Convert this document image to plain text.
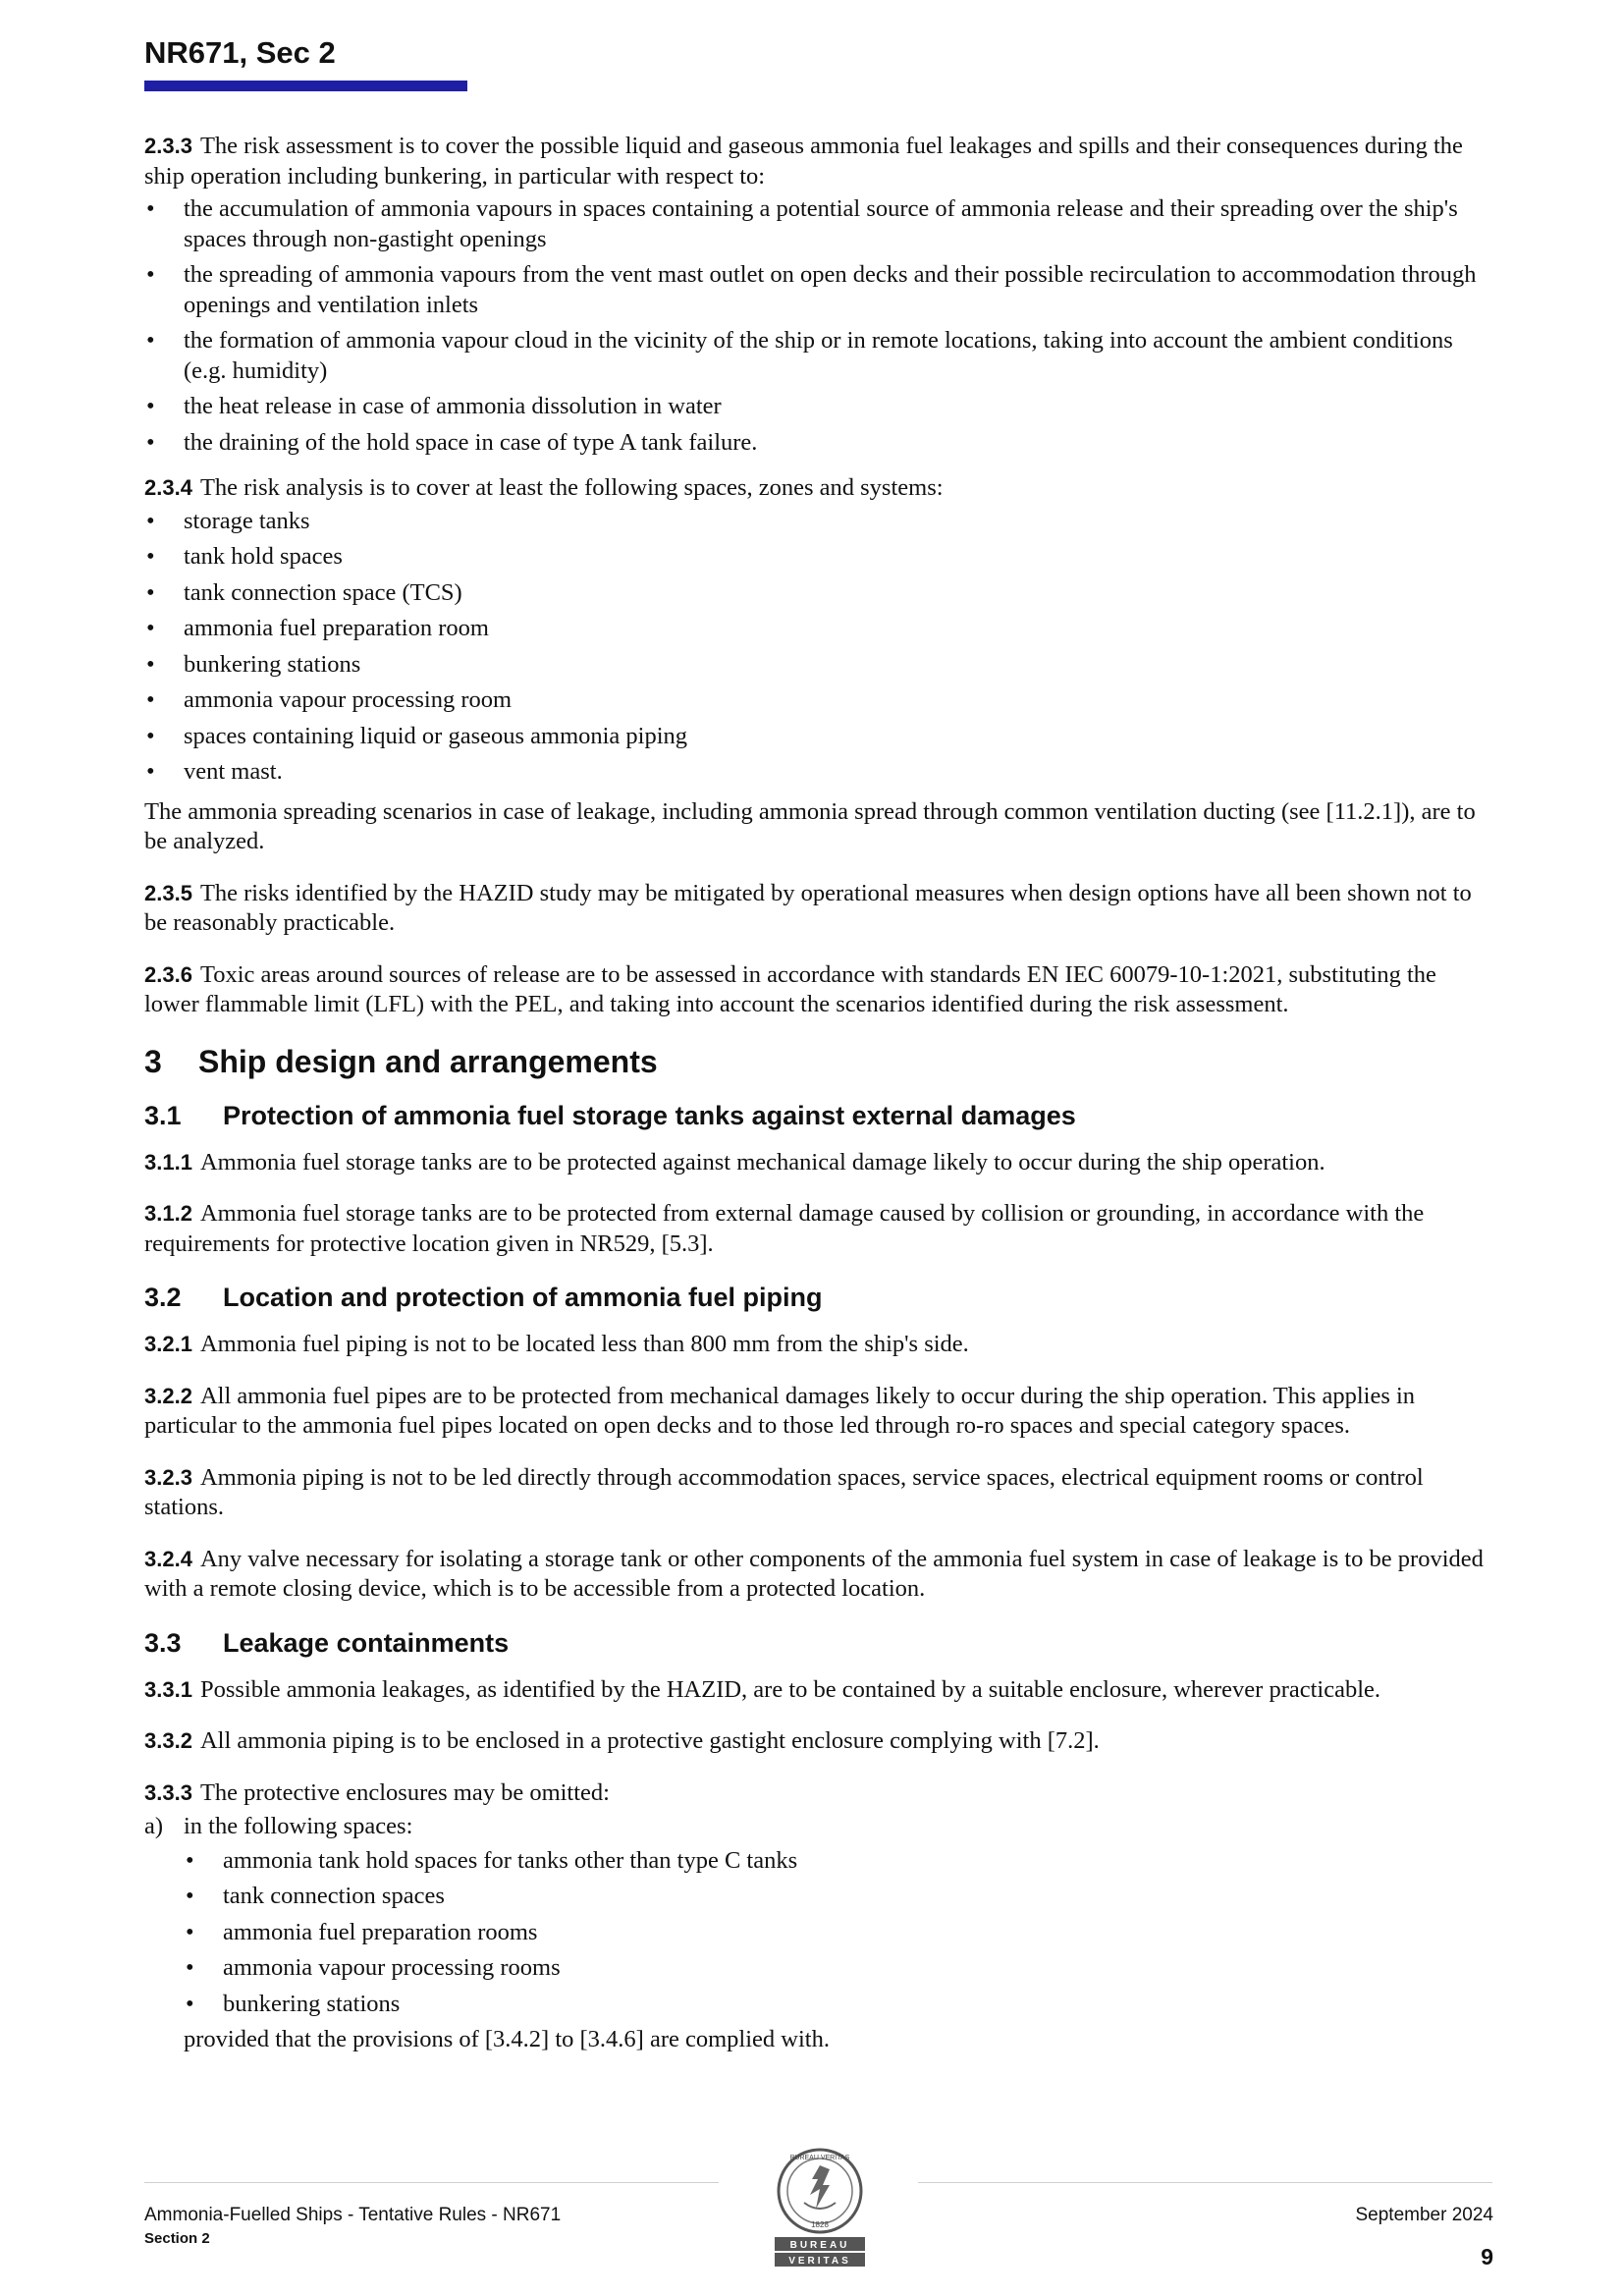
NR671, Sec 2
2.3.3 The risk assessment is to cover the possible liquid and gaseous ammonia fuel leakages and spills and their consequences during the ship operation including bunkering, in particular with respect to:
• the accumulation of ammonia vapours in spaces containing a potential source of ammonia release and their spreading over the ship's spaces through non-gastight openings
• the spreading of ammonia vapours from the vent mast outlet on open decks and their possible recirculation to accommodation through openings and ventilation inlets
• the formation of ammonia vapour cloud in the vicinity of the ship or in remote locations, taking into account the ambient conditions (e.g. humidity)
• the heat release in case of ammonia dissolution in water
• the draining of the hold space in case of type A tank failure.
2.3.4 The risk analysis is to cover at least the following spaces, zones and systems:
• storage tanks
• tank hold spaces
• tank connection space (TCS)
• ammonia fuel preparation room
• bunkering stations
• ammonia vapour processing room
• spaces containing liquid or gaseous ammonia piping
• vent mast.
The ammonia spreading scenarios in case of leakage, including ammonia spread through common ventilation ducting (see [11.2.1]), are to be analyzed.
2.3.5 The risks identified by the HAZID study may be mitigated by operational measures when design options have all been shown not to be reasonably practicable.
2.3.6 Toxic areas around sources of release are to be assessed in accordance with standards EN IEC 60079-10-1:2021, substituting the lower flammable limit (LFL) with the PEL, and taking into account the scenarios identified during the risk assessment.
3 Ship design and arrangements
3.1 Protection of ammonia fuel storage tanks against external damages
3.1.1 Ammonia fuel storage tanks are to be protected against mechanical damage likely to occur during the ship operation.
3.1.2 Ammonia fuel storage tanks are to be protected from external damage caused by collision or grounding, in accordance with the requirements for protective location given in NR529, [5.3].
3.2 Location and protection of ammonia fuel piping
3.2.1 Ammonia fuel piping is not to be located less than 800 mm from the ship's side.
3.2.2 All ammonia fuel pipes are to be protected from mechanical damages likely to occur during the ship operation. This applies in particular to the ammonia fuel pipes located on open decks and to those led through ro-ro spaces and special category spaces.
3.2.3 Ammonia piping is not to be led directly through accommodation spaces, service spaces, electrical equipment rooms or control stations.
3.2.4 Any valve necessary for isolating a storage tank or other components of the ammonia fuel system in case of leakage is to be provided with a remote closing device, which is to be accessible from a protected location.
3.3 Leakage containments
3.3.1 Possible ammonia leakages, as identified by the HAZID, are to be contained by a suitable enclosure, wherever practicable.
3.3.2 All ammonia piping is to be enclosed in a protective gastight enclosure complying with [7.2].
3.3.3 The protective enclosures may be omitted:
a) in the following spaces:
• ammonia tank hold spaces for tanks other than type C tanks
• tank connection spaces
• ammonia fuel preparation rooms
• ammonia vapour processing rooms
• bunkering stations
provided that the provisions of [3.4.2] to [3.4.6] are complied with.
Ammonia-Fuelled Ships - Tentative Rules - NR671
Section 2
September 2024
9
BUREAU VERITAS
1828
BUREAU
VERITAS
